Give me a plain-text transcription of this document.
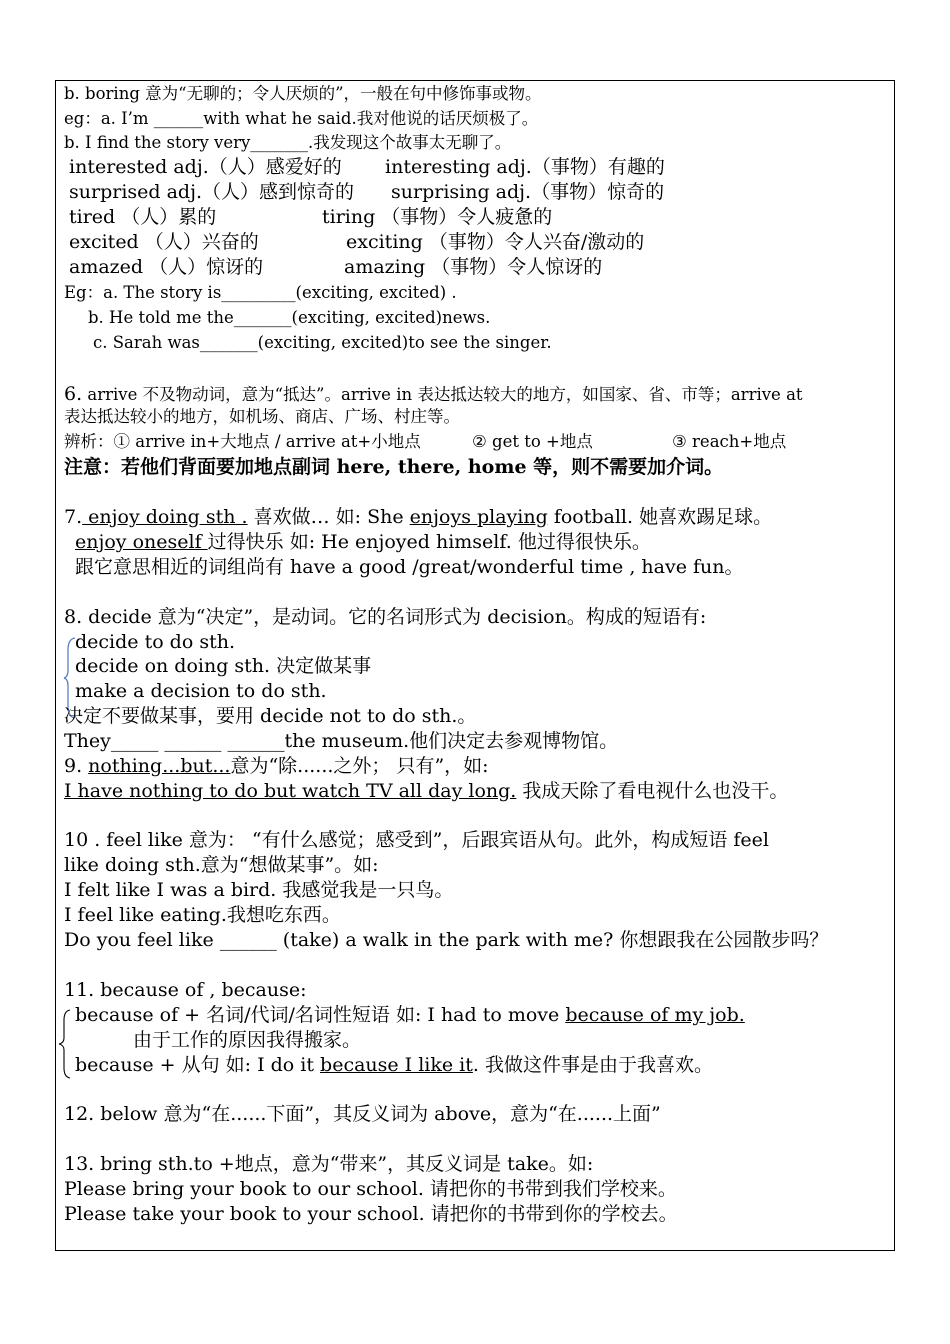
b. boring 意为“无聊的；令人厌烦的”，一般在句中修饰事或物。
eg：a. I’m ______with what he said.我对他说的话厌烦极了。
b. I find the story very_______.我发现这个故事太无聊了。
interested adj.（人）感爱好的 interesting adj.（事物）有趣的
surprised adj.（人）感到惊奇的 surprising adj.（事物）惊奇的
tired （人）累的	tiring （事物）令人疲惫的
excited （人）兴奋的	exciting （事物）令人兴奋/激动的
amazed （人）惊讶的	amazing （事物）令人惊讶的
Eg：a. The story is_________(exciting, excited) .
b. He told me the_______(exciting, excited)news.
c. Sarah was_______(exciting, excited)to see the singer.
6. arrive 不及物动词，意为“抵达”。arrive in 表达抵达较大的地方，如国家、省、市等；arrive at
表达抵达较小的地方，如机场、商店、广场、村庄等。
辨析：① arrive in+大地点 / arrive at+小地点	② get to +地点	③ reach+地点
注意：若他们背面要加地点副词 here, there, home 等，则不需要加介词。
7. enjoy doing sth . 喜欢做… 如: She enjoys playing football. 她喜欢踢足球。
enjoy oneself 过得快乐 如: He enjoyed himself. 他过得很快乐。
跟它意思相近的词组尚有 have a good /great/wonderful time , have fun。
8. decide 意为“决定”，是动词。它的名词形式为 decision。构成的短语有:
decide to do sth.
decide on doing sth. 决定做某事
make a decision to do sth.
决定不要做某事，要用 decide not to do sth.。
They_____ ______ ______the museum.他们决定去参观博物馆。
9. nothing...but...意为“除......之外； 只有”，如:
I have nothing to do but watch TV all day long. 我成天除了看电视什么也没干。
10 . feel like 意为： “有什么感觉；感受到”，后跟宾语从句。此外，构成短语 feel
like doing sth.意为“想做某事”。如:
I felt like I was a bird. 我感觉我是一只鸟。
I feel like eating.我想吃东西。
Do you feel like ______ (take) a walk in the park with me? 你想跟我在公园散步吗？
11. because of , because:
because of + 名词/代词/名词性短语 如: I had to move because of my job.
由于工作的原因我得搬家。
because + 从句 如: I do it because I like it. 我做这件事是由于我喜欢。
12. below 意为“在......下面”，其反义词为 above，意为“在......上面”
13. bring sth.to +地点，意为“带来”，其反义词是 take。如:
Please bring your book to our school. 请把你的书带到我们学校来。
Please take your book to your school. 请把你的书带到你的学校去。
